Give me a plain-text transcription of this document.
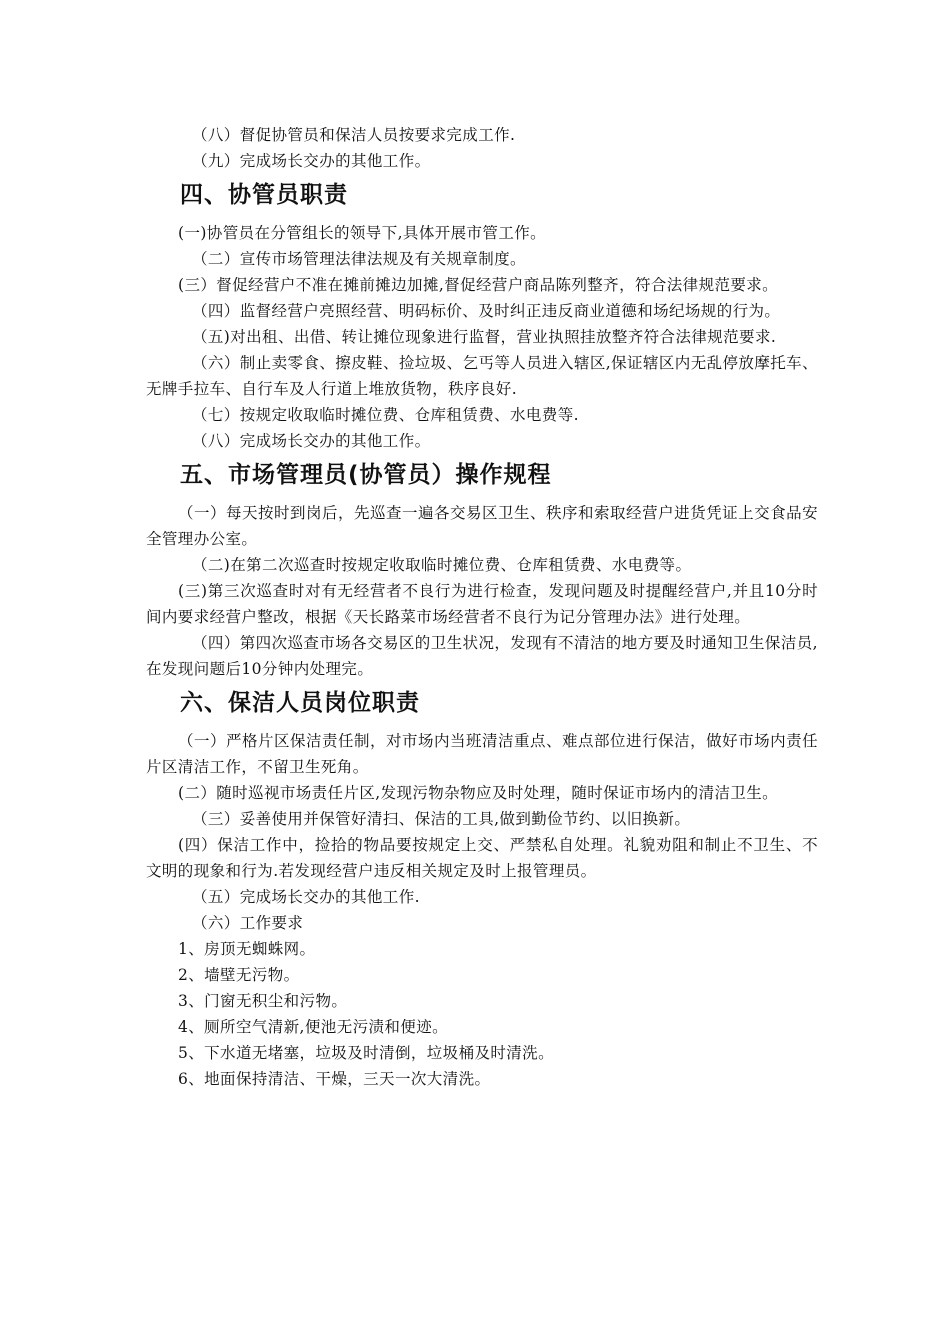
（八）督促协管员和保洁人员按要求完成工作.

（九）完成场长交办的其他工作。

四、协管员职责

(一)协管员在分管组长的领导下,具体开展市管工作。

（二）宣传市场管理法律法规及有关规章制度。

(三）督促经营户不准在摊前摊边加摊,督促经营户商品陈列整齐，符合法律规范要求。

（四）监督经营户亮照经营、明码标价、及时纠正违反商业道德和场纪场规的行为。

（五)对出租、出借、转让摊位现象进行监督，营业执照挂放整齐符合法律规范要求.

（六）制止卖零食、擦皮鞋、捡垃圾、乞丐等人员进入辖区,保证辖区内无乱停放摩托车、无牌手拉车、自行车及人行道上堆放货物，秩序良好.

（七）按规定收取临时摊位费、仓库租赁费、水电费等.

（八）完成场长交办的其他工作。

五、市场管理员(协管员）操作规程

（一）每天按时到岗后，先巡查一遍各交易区卫生、秩序和索取经营户进货凭证上交食品安全管理办公室。

（二)在第二次巡查时按规定收取临时摊位费、仓库租赁费、水电费等。

(三)第三次巡查时对有无经营者不良行为进行检查，发现问题及时提醒经营户,并且10分时间内要求经营户整改，根据《天长路菜市场经营者不良行为记分管理办法》进行处理。

（四）第四次巡查市场各交易区的卫生状况，发现有不清洁的地方要及时通知卫生保洁员,在发现问题后10分钟内处理完。

六、保洁人员岗位职责

（一）严格片区保洁责任制，对市场内当班清洁重点、难点部位进行保洁，做好市场内责任片区清洁工作，不留卫生死角。

(二）随时巡视市场责任片区,发现污物杂物应及时处理，随时保证市场内的清洁卫生。

（三）妥善使用并保管好清扫、保洁的工具,做到勤俭节约、以旧换新。

(四）保洁工作中，捡拾的物品要按规定上交、严禁私自处理。礼貌劝阻和制止不卫生、不文明的现象和行为.若发现经营户违反相关规定及时上报管理员。

（五）完成场长交办的其他工作.

（六）工作要求

1、房顶无蜘蛛网。

2、墙壁无污物。

3、门窗无积尘和污物。

4、厕所空气清新,便池无污渍和便迹。

5、下水道无堵塞，垃圾及时清倒，垃圾桶及时清洗。

6、地面保持清洁、干燥，三天一次大清洗。
